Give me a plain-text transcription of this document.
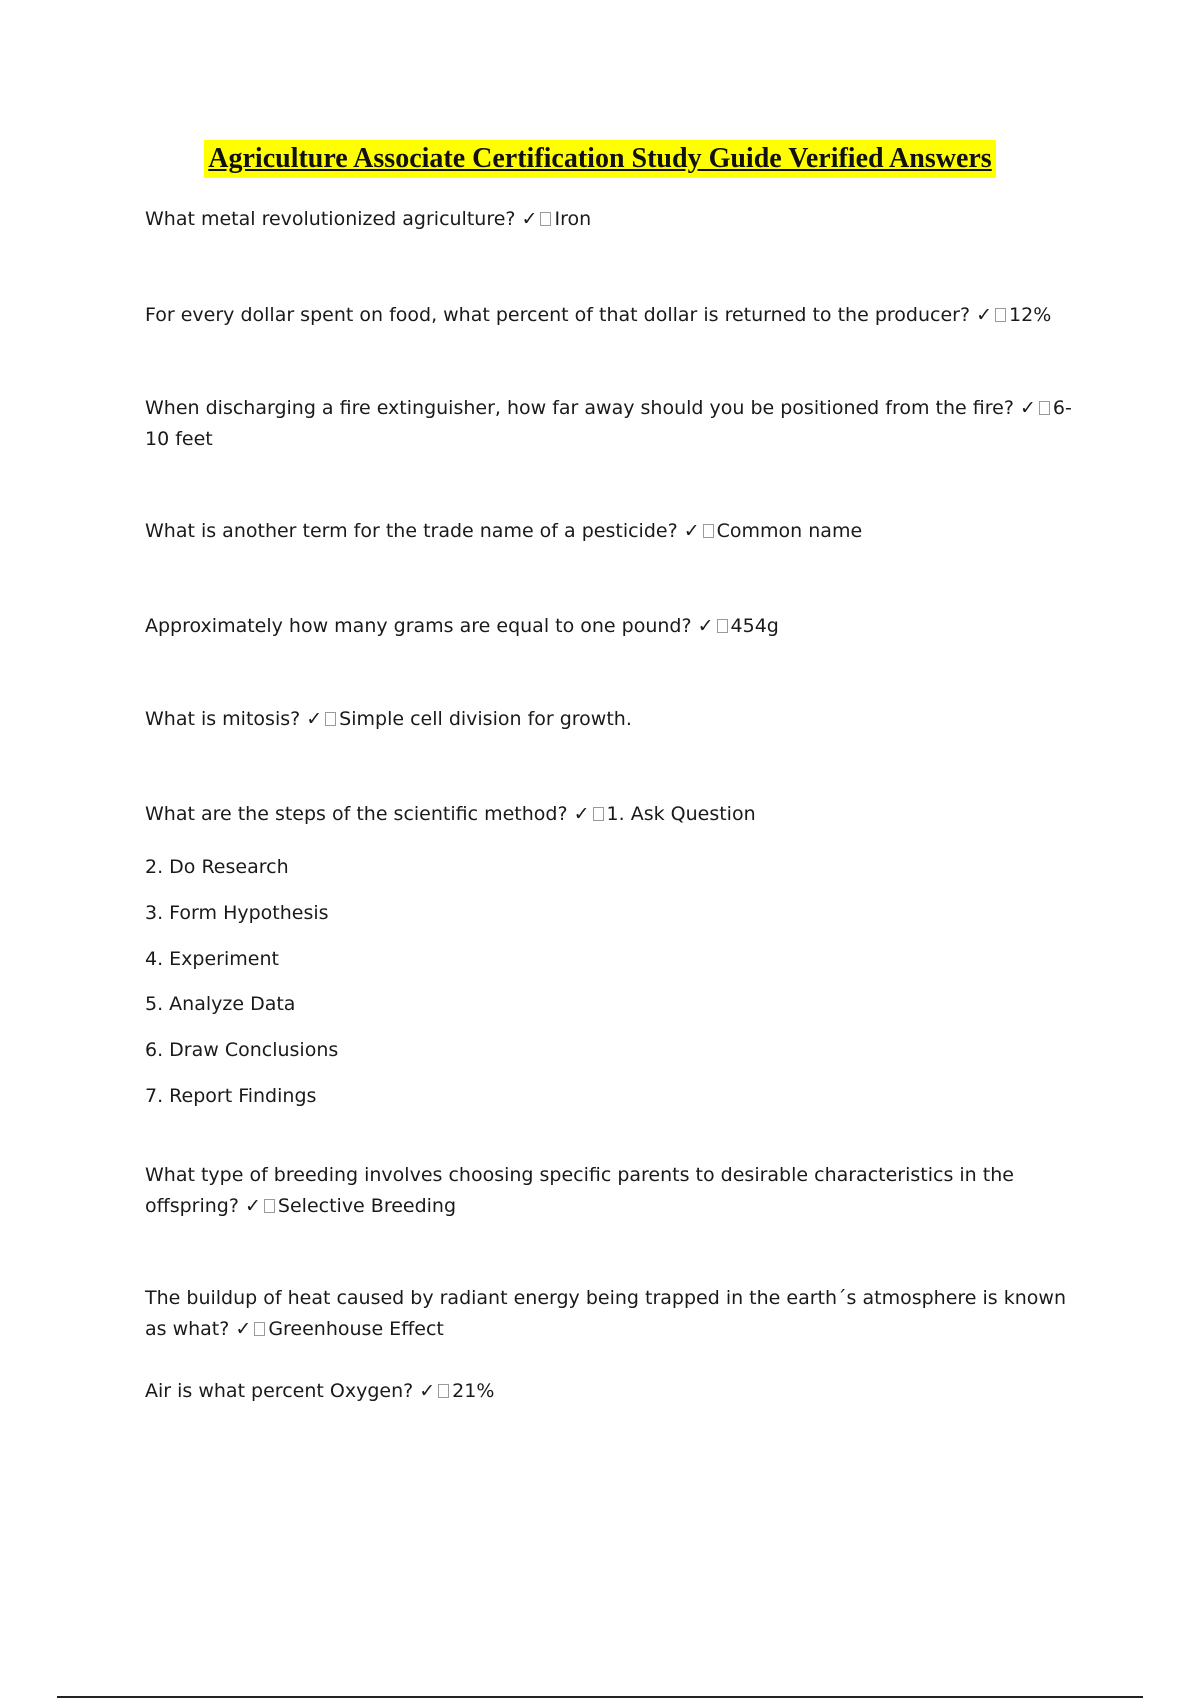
Agriculture Associate Certification Study Guide Verified Answers

What metal revolutionized agriculture? ✓ Iron

For every dollar spent on food, what percent of that dollar is returned to the producer? ✓ 12%

When discharging a fire extinguisher, how far away should you be positioned from the fire? ✓ 6-10 feet

What is another term for the trade name of a pesticide? ✓ Common name

Approximately how many grams are equal to one pound? ✓ 454g

What is mitosis? ✓ Simple cell division for growth.

What are the steps of the scientific method? ✓ 1. Ask Question

2. Do Research
3. Form Hypothesis
4. Experiment
5. Analyze Data
6. Draw Conclusions
7. Report Findings

What type of breeding involves choosing specific parents to desirable characteristics in the offspring? ✓ Selective Breeding

The buildup of heat caused by radiant energy being trapped in the earth´s atmosphere is known as what? ✓ Greenhouse Effect

Air is what percent Oxygen? ✓ 21%
